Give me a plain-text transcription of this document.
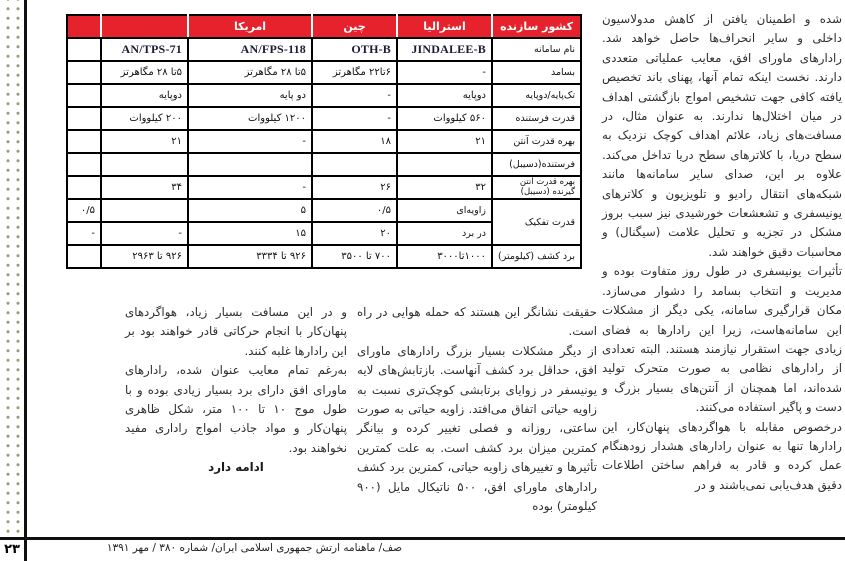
کشور سازنده	استرالیا	چین	امریکا		
نام سامانه	JINDALEE-B	OTH-B	AN/FPS-118	AN/TPS-71	
بسامد	-	۶تا۲۲ مگاهرتز	۵تا ۲۸ مگاهرتز	۵تا ۲۸ مگاهرتز	
تک‌پایه/دوپایه	دوپایه	-	دو پایه	دوپایه	
قدرت فرستنده	۵۶۰ کیلووات	-	۱۲۰۰ کیلووات	۲۰۰ کیلووات	
بهره قدرت آنتن	۲۱	۱۸	-	۲۱	
فرستنده(دسیبل)					
بهره قدرت آنتن گیرنده (دسیبل)	۳۲	۲۶	-	۳۴	
قدرت تفکیک	زاویه‌ای	۰/۵	۵		۰/۵
	در برد	۲۰	۱۵	-	-
برد کشف (کیلومتر)	۱۰۰۰تا۳۰۰۰	۷۰۰ تا ۳۵۰۰	۹۲۶ تا ۳۳۳۴	۹۲۶ تا ۲۹۶۳	

شده و اطمینان یافتن از کاهش مدولاسیون داخلی و سایر انحراف‌ها حاصل خواهد شد. رادارهای ماورای افق، معایب عملیاتی متعددی دارند. نخست اینکه تمام آنها، پهنای باند تخصیص یافته کافی جهت تشخیص امواج بازگشتی اهداف در میان اختلال‌ها ندارند. به عنوان مثال، در مسافت‌های زیاد، علائم اهداف کوچک نزدیک به سطح دریا، با کلاترهای سطح دریا تداخل می‌کند. علاوه بر این، صدای سایر سامانه‌ها مانند شبکه‌های انتقال رادیو و تلویزیون و کلاترهای یونیسفری و تشعشعات خورشیدی نیز سبب بروز مشکل در تجزیه و تحلیل علامت (سیگنال) و محاسبات دقیق خواهند شد.

تأثیرات یونیسفری در طول روز متفاوت بوده و مدیریت و انتخاب بسامد را دشوار می‌سازد. مکان قرارگیری سامانه، یکی دیگر از مشکلات این سامانه‌هاست، زیرا این رادارها به فضای زیادی جهت استقرار نیازمند هستند. البته تعدادی از رادارهای نظامی به صورت متحرک تولید شده‌اند، اما همچنان از آنتن‌های بسیار بزرگ و دست و پاگیر استفاده می‌کنند.

درخصوص مقابله با هواگردهای پنهان‌کار، این رادارها تنها به عنوان رادارهای هشدار زودهنگام عمل کرده و قادر به فراهم ساختن اطلاعات دقیق هدف‌یابی نمی‌باشند و در

حقیقت نشانگر این هستند که حمله هوایی در راه است.

از دیگر مشکلات بسیار بزرگ رادارهای ماورای افق، حداقل برد کشف آنهاست. بازتابش‌های لایه یونیسفر در زوایای برتابشی کوچک‌تری نسبت به زاویه حیاتی اتفاق می‌افتد. زاویه حیاتی به صورت ساعتی، روزانه و فصلی تغییر کرده و بیانگر کمترین میزان برد کشف است. به علت کمترین تأثیرها و تغییرهای زاویه حیاتی، کمترین برد کشف رادارهای ماورای افق، ۵۰۰ ناتیکال مایل (۹۰۰ کیلومتر) بوده

و در این مسافت بسیار زیاد، هواگردهای پنهان‌کار با انجام حرکاتی قادر خواهند بود بر این رادارها غلبه کنند.

به‌رغم تمام معایب عنوان شده، رادارهای ماورای افق دارای برد بسیار زیادی بوده و با طول موج ۱۰ تا ۱۰۰ متر، شکل ظاهری پنهان‌کار و مواد جاذب امواج راداری مفید نخواهند بود.

ادامه دارد

۲۳	صف/ ماهنامه ارتش جمهوری اسلامی ایران/ شماره ۳۸۰ / مهر ۱۳۹۱
